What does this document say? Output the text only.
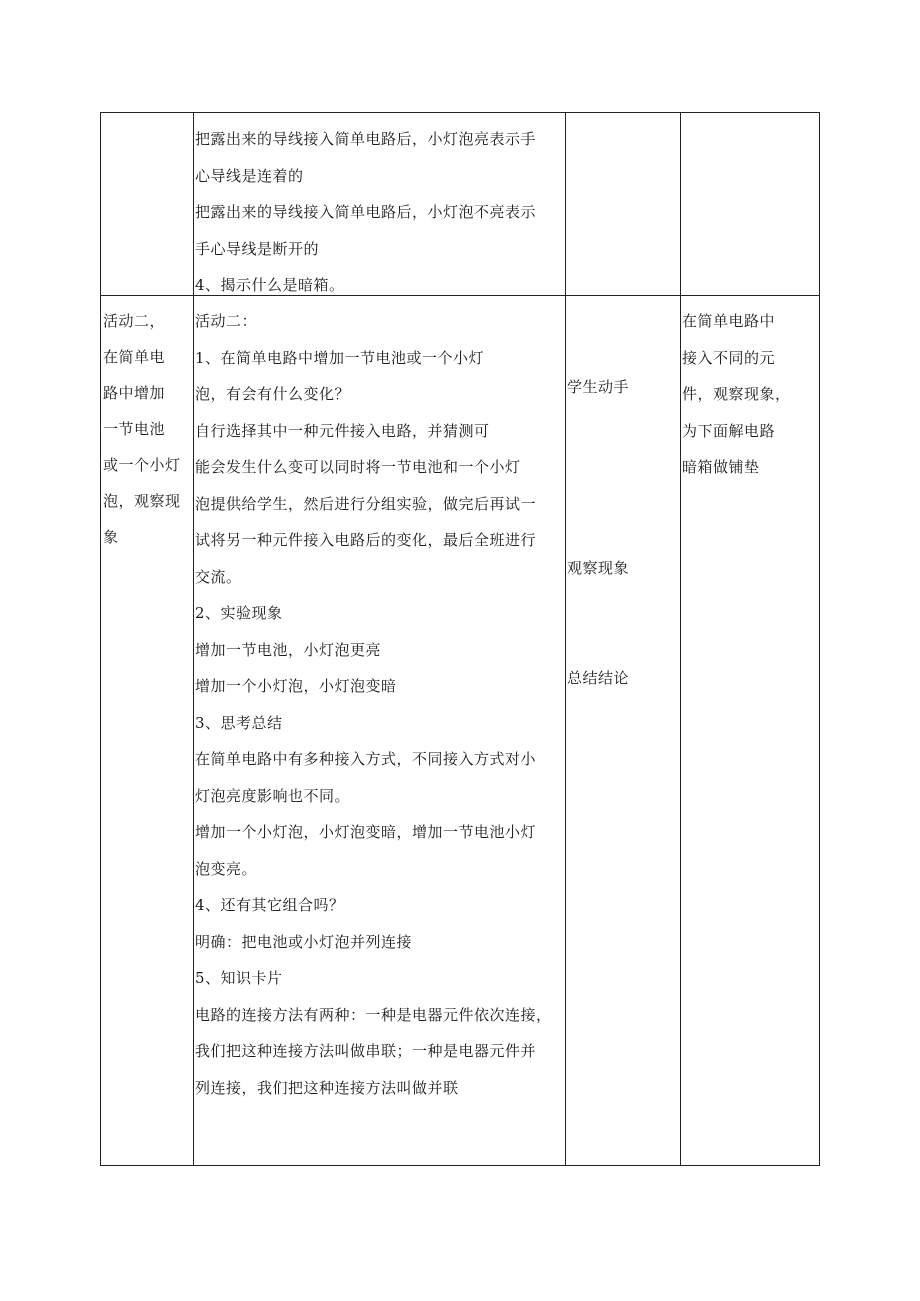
把露出来的导线接入简单电路后，小灯泡亮表示手
心导线是连着的
把露出来的导线接入简单电路后，小灯泡不亮表示
手心导线是断开的
4、揭示什么是暗箱。
活动二，
在简单电
路中增加
一节电池
或一个小灯
泡，观察现
象
活动二：
1、在简单电路中增加一节电池或一个小灯
泡，有会有什么变化？
自行选择其中一种元件接入电路，并猜测可
能会发生什么变可以同时将一节电池和一个小灯
泡提供给学生，然后进行分组实验，做完后再试一
试将另一种元件接入电路后的变化，最后全班进行
交流。
2、实验现象
增加一节电池，小灯泡更亮
增加一个小灯泡，小灯泡变暗
3、思考总结
在简单电路中有多种接入方式，不同接入方式对小
灯泡亮度影响也不同。
增加一个小灯泡，小灯泡变暗，增加一节电池小灯
泡变亮。
4、还有其它组合吗？
明确：把电池或小灯泡并列连接
5、知识卡片
电路的连接方法有两种：一种是电器元件依次连接，
我们把这种连接方法叫做串联；一种是电器元件并
列连接，我们把这种连接方法叫做并联
学生动手
观察现象
总结结论
在简单电路中
接入不同的元
件，观察现象，
为下面解电路
暗箱做铺垫
